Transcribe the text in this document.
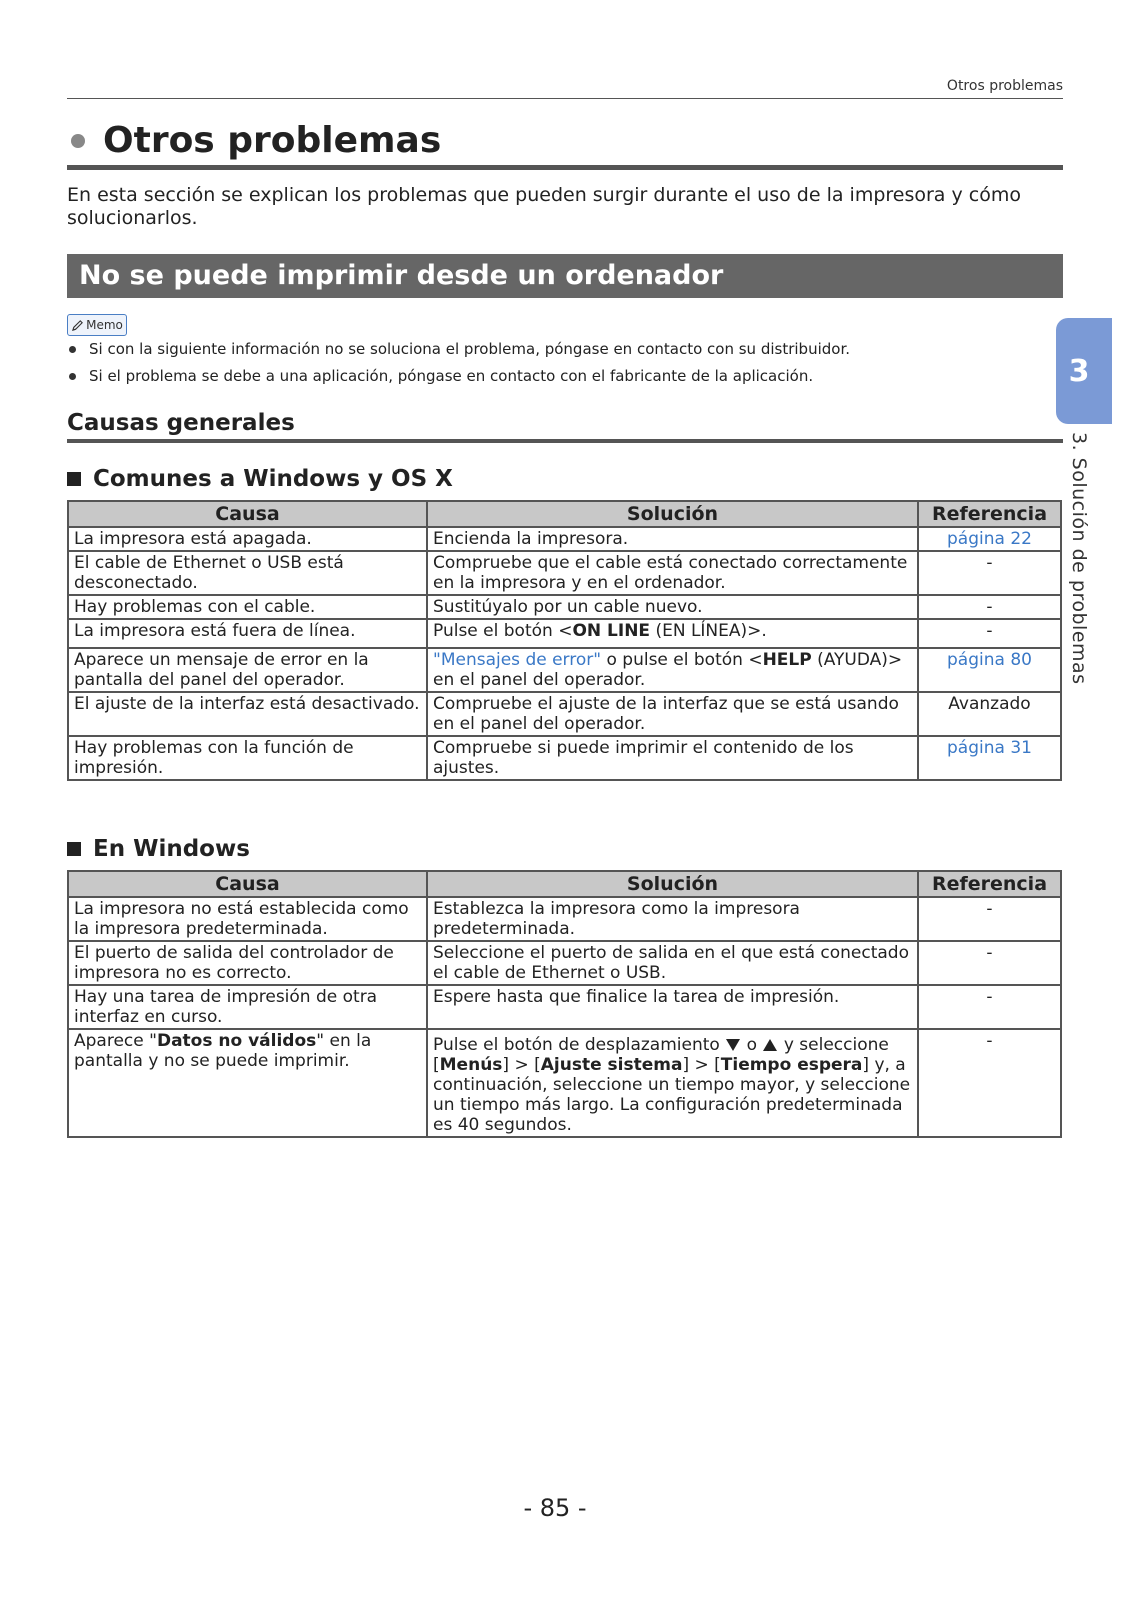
Otros problemas
Otros problemas
En esta sección se explican los problemas que pueden surgir durante el uso de la impresora y cómo solucionarlos.
No se puede imprimir desde un ordenador
Memo
Si con la siguiente información no se soluciona el problema, póngase en contacto con su distribuidor.
Si el problema se debe a una aplicación, póngase en contacto con el fabricante de la aplicación.
Causas generales
Comunes a Windows y OS X
Causa	Solución	Referencia
La impresora está apagada.	Encienda la impresora.	página 22
El cable de Ethernet o USB está desconectado.	Compruebe que el cable está conectado correctamente en la impresora y en el ordenador.	-
Hay problemas con el cable.	Sustitúyalo por un cable nuevo.	-
La impresora está fuera de línea.	Pulse el botón <ON LINE (EN LÍNEA)>.	-
Aparece un mensaje de error en la pantalla del panel del operador.	"Mensajes de error" o pulse el botón <HELP (AYUDA)> en el panel del operador.	página 80
El ajuste de la interfaz está desactivado.	Compruebe el ajuste de la interfaz que se está usando en el panel del operador.	Avanzado
Hay problemas con la función de impresión.	Compruebe si puede imprimir el contenido de los ajustes.	página 31
En Windows
Causa	Solución	Referencia
La impresora no está establecida como la impresora predeterminada.	Establezca la impresora como la impresora predeterminada.	-
El puerto de salida del controlador de impresora no es correcto.	Seleccione el puerto de salida en el que está conectado el cable de Ethernet o USB.	-
Hay una tarea de impresión de otra interfaz en curso.	Espere hasta que finalice la tarea de impresión.	-
Aparece "Datos no válidos" en la pantalla y no se puede imprimir.	Pulse el botón de desplazamiento  o  y seleccione [Menús] > [Ajuste sistema] > [Tiempo espera] y, a continuación, seleccione un tiempo mayor, y seleccione un tiempo más largo. La configuración predeterminada es 40 segundos.	-
3
3. Solución de problemas
- 85 -
